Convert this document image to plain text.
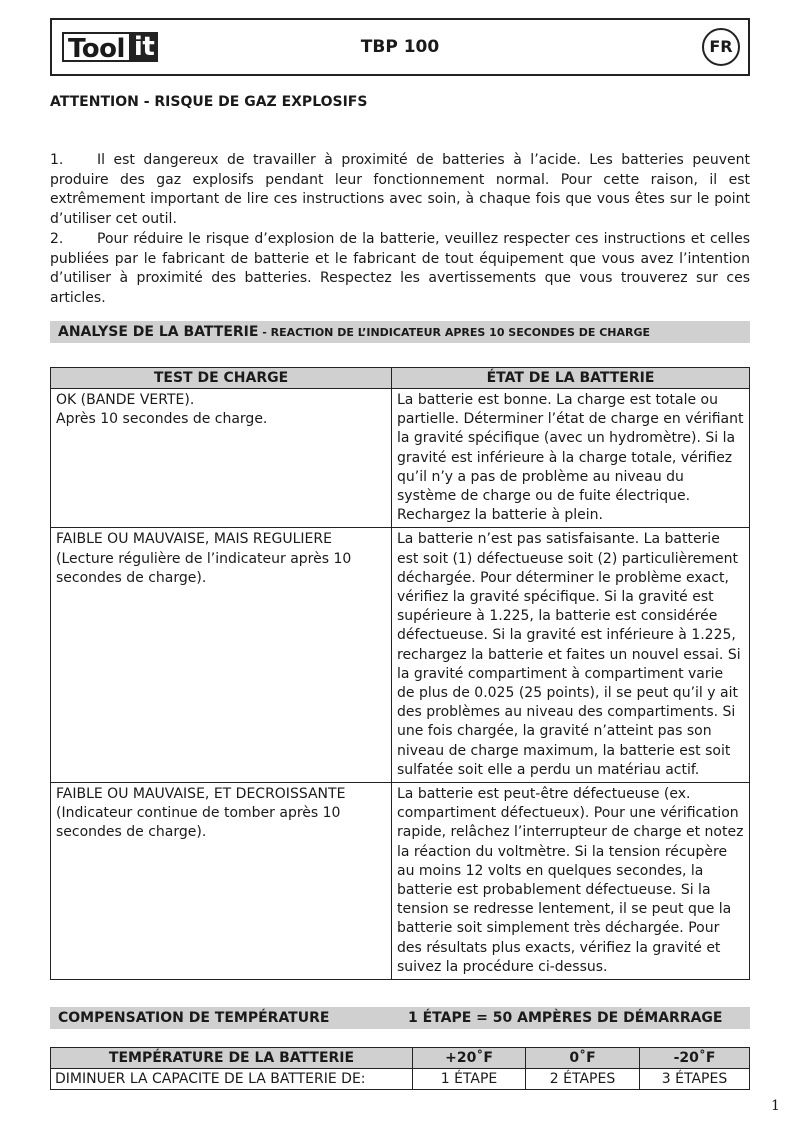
Tool it	TBP 100	FR
ATTENTION - RISQUE DE GAZ EXPLOSIFS

1. Il est dangereux de travailler à proximité de batteries à l’acide. Les batteries peuvent produire des gaz explosifs pendant leur fonctionnement normal. Pour cette raison, il est extrêmement important de lire ces instructions avec soin, à chaque fois que vous êtes sur le point d’utiliser cet outil.

2. Pour réduire le risque d’explosion de la batterie, veuillez respecter ces instructions et celles publiées par le fabricant de batterie et le fabricant de tout équipement que vous avez l’intention d’utiliser à proximité des batteries. Respectez les avertissements que vous trouverez sur ces articles.

ANALYSE DE LA BATTERIE - REACTION DE L’INDICATEUR APRES 10 SECONDES DE CHARGE
TEST DE CHARGE	ÉTAT DE LA BATTERIE

OK (BANDE VERTE).
Après 10 secondes de charge.	La batterie est bonne. La charge est totale ou partielle. Déterminer l’état de charge en vérifiant la gravité spécifique (avec un hydromètre). Si la gravité est inférieure à la charge totale, vérifiez qu’il n’y a pas de problème au niveau du système de charge ou de fuite électrique. Rechargez la batterie à plein.

FAIBLE OU MAUVAISE, MAIS REGULIERE
(Lecture régulière de l’indicateur après 10 secondes de charge).	La batterie n’est pas satisfaisante. La batterie est soit (1) défectueuse soit (2) particulièrement déchargée. Pour déterminer le problème exact, vérifiez la gravité spécifique. Si la gravité est supérieure à 1.225, la batterie est considérée défectueuse. Si la gravité est inférieure à 1.225, rechargez la batterie et faites un nouvel essai. Si la gravité compartiment à compartiment varie de plus de 0.025 (25 points), il se peut qu’il y ait des problèmes au niveau des compartiments. Si une fois chargée, la gravité n’atteint pas son niveau de charge maximum, la batterie est soit sulfatée soit elle a perdu un matériau actif.

FAIBLE OU MAUVAISE, ET DECROISSANTE
(Indicateur continue de tomber après 10 secondes de charge).	La batterie est peut-être défectueuse (ex. compartiment défectueux). Pour une vérification rapide, relâchez l’interrupteur de charge et notez la réaction du voltmètre. Si la tension récupère au moins 12 volts en quelques secondes, la batterie est probablement défectueuse. Si la tension se redresse lentement, il se peut que la batterie soit simplement très déchargée. Pour des résultats plus exacts, vérifiez la gravité et suivez la procédure ci-dessus.
COMPENSATION DE TEMPÉRATURE	1 ÉTAPE = 50 AMPÈRES DE DÉMARRAGE
TEMPÉRATURE DE LA BATTERIE	+20˚F	0˚F	-20˚F
DIMINUER LA CAPACITE DE LA BATTERIE DE:	1 ÉTAPE	2 ÉTAPES	3 ÉTAPES
1
